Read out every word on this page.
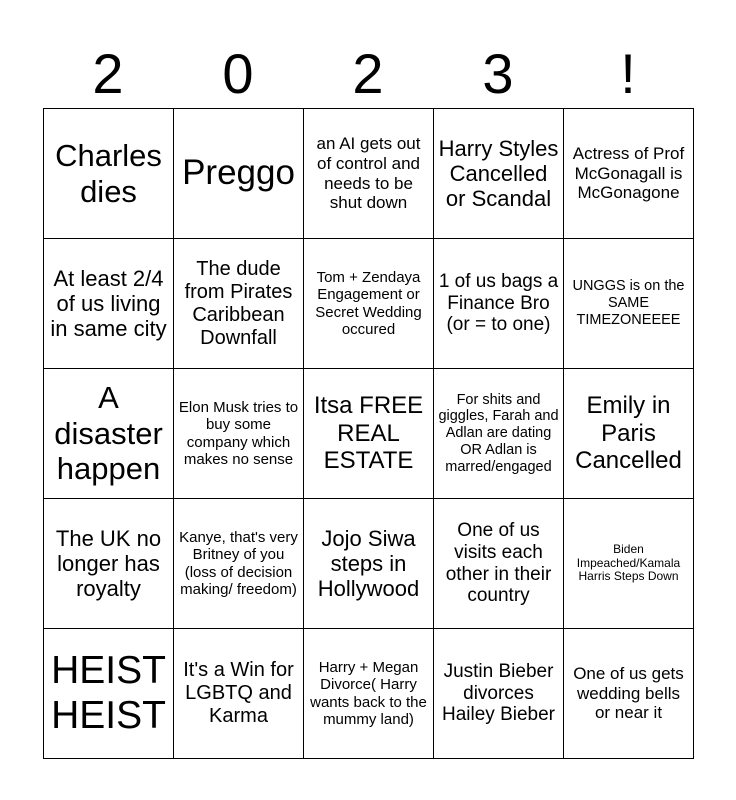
2	0	2	3	!
Charles dies	Preggo	an AI gets out of control and needs to be shut down	Harry Styles Cancelled or Scandal	Actress of Prof McGonagall is McGonagone
At least 2/4 of us living in same city	The dude from Pirates Caribbean Downfall	Tom + Zendaya Engagement or Secret Wedding occured	1 of us bags a Finance Bro (or = to one)	UNGGS is on the SAME TIMEZONEEEE
A disaster happen	Elon Musk tries to buy some company which makes no sense	Itsa FREE REAL ESTATE	For shits and giggles, Farah and Adlan are dating OR Adlan is marred/engaged	Emily in Paris Cancelled
The UK no longer has royalty	Kanye, that's very Britney of you (loss of decision making/ freedom)	Jojo Siwa steps in Hollywood	One of us visits each other in their country	Biden Impeached/Kamala Harris Steps Down
HEIST HEIST	It's a Win for LGBTQ and Karma	Harry + Megan Divorce( Harry wants back to the mummy land)	Justin Bieber divorces Hailey Bieber	One of us gets wedding bells or near it
